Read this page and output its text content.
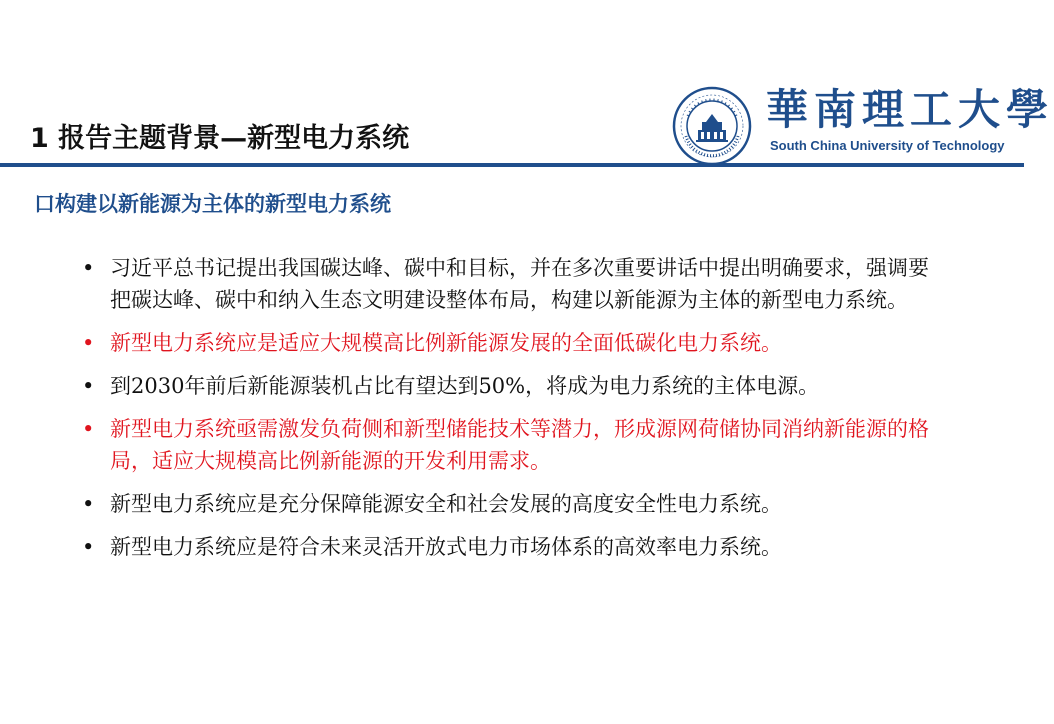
1 报告主题背景—新型电力系统
華南理工大學
South China University of Technology
口构建以新能源为主体的新型电力系统
• 习近平总书记提出我国碳达峰、碳中和目标，并在多次重要讲话中提出明确要求，强调要把碳达峰、碳中和纳入生态文明建设整体布局，构建以新能源为主体的新型电力系统。
• 新型电力系统应是适应大规模高比例新能源发展的全面低碳化电力系统。
• 到2030年前后新能源装机占比有望达到50%，将成为电力系统的主体电源。
• 新型电力系统亟需激发负荷侧和新型储能技术等潜力，形成源网荷储协同消纳新能源的格局，适应大规模高比例新能源的开发利用需求。
• 新型电力系统应是充分保障能源安全和社会发展的高度安全性电力系统。
• 新型电力系统应是符合未来灵活开放式电力市场体系的高效率电力系统。
